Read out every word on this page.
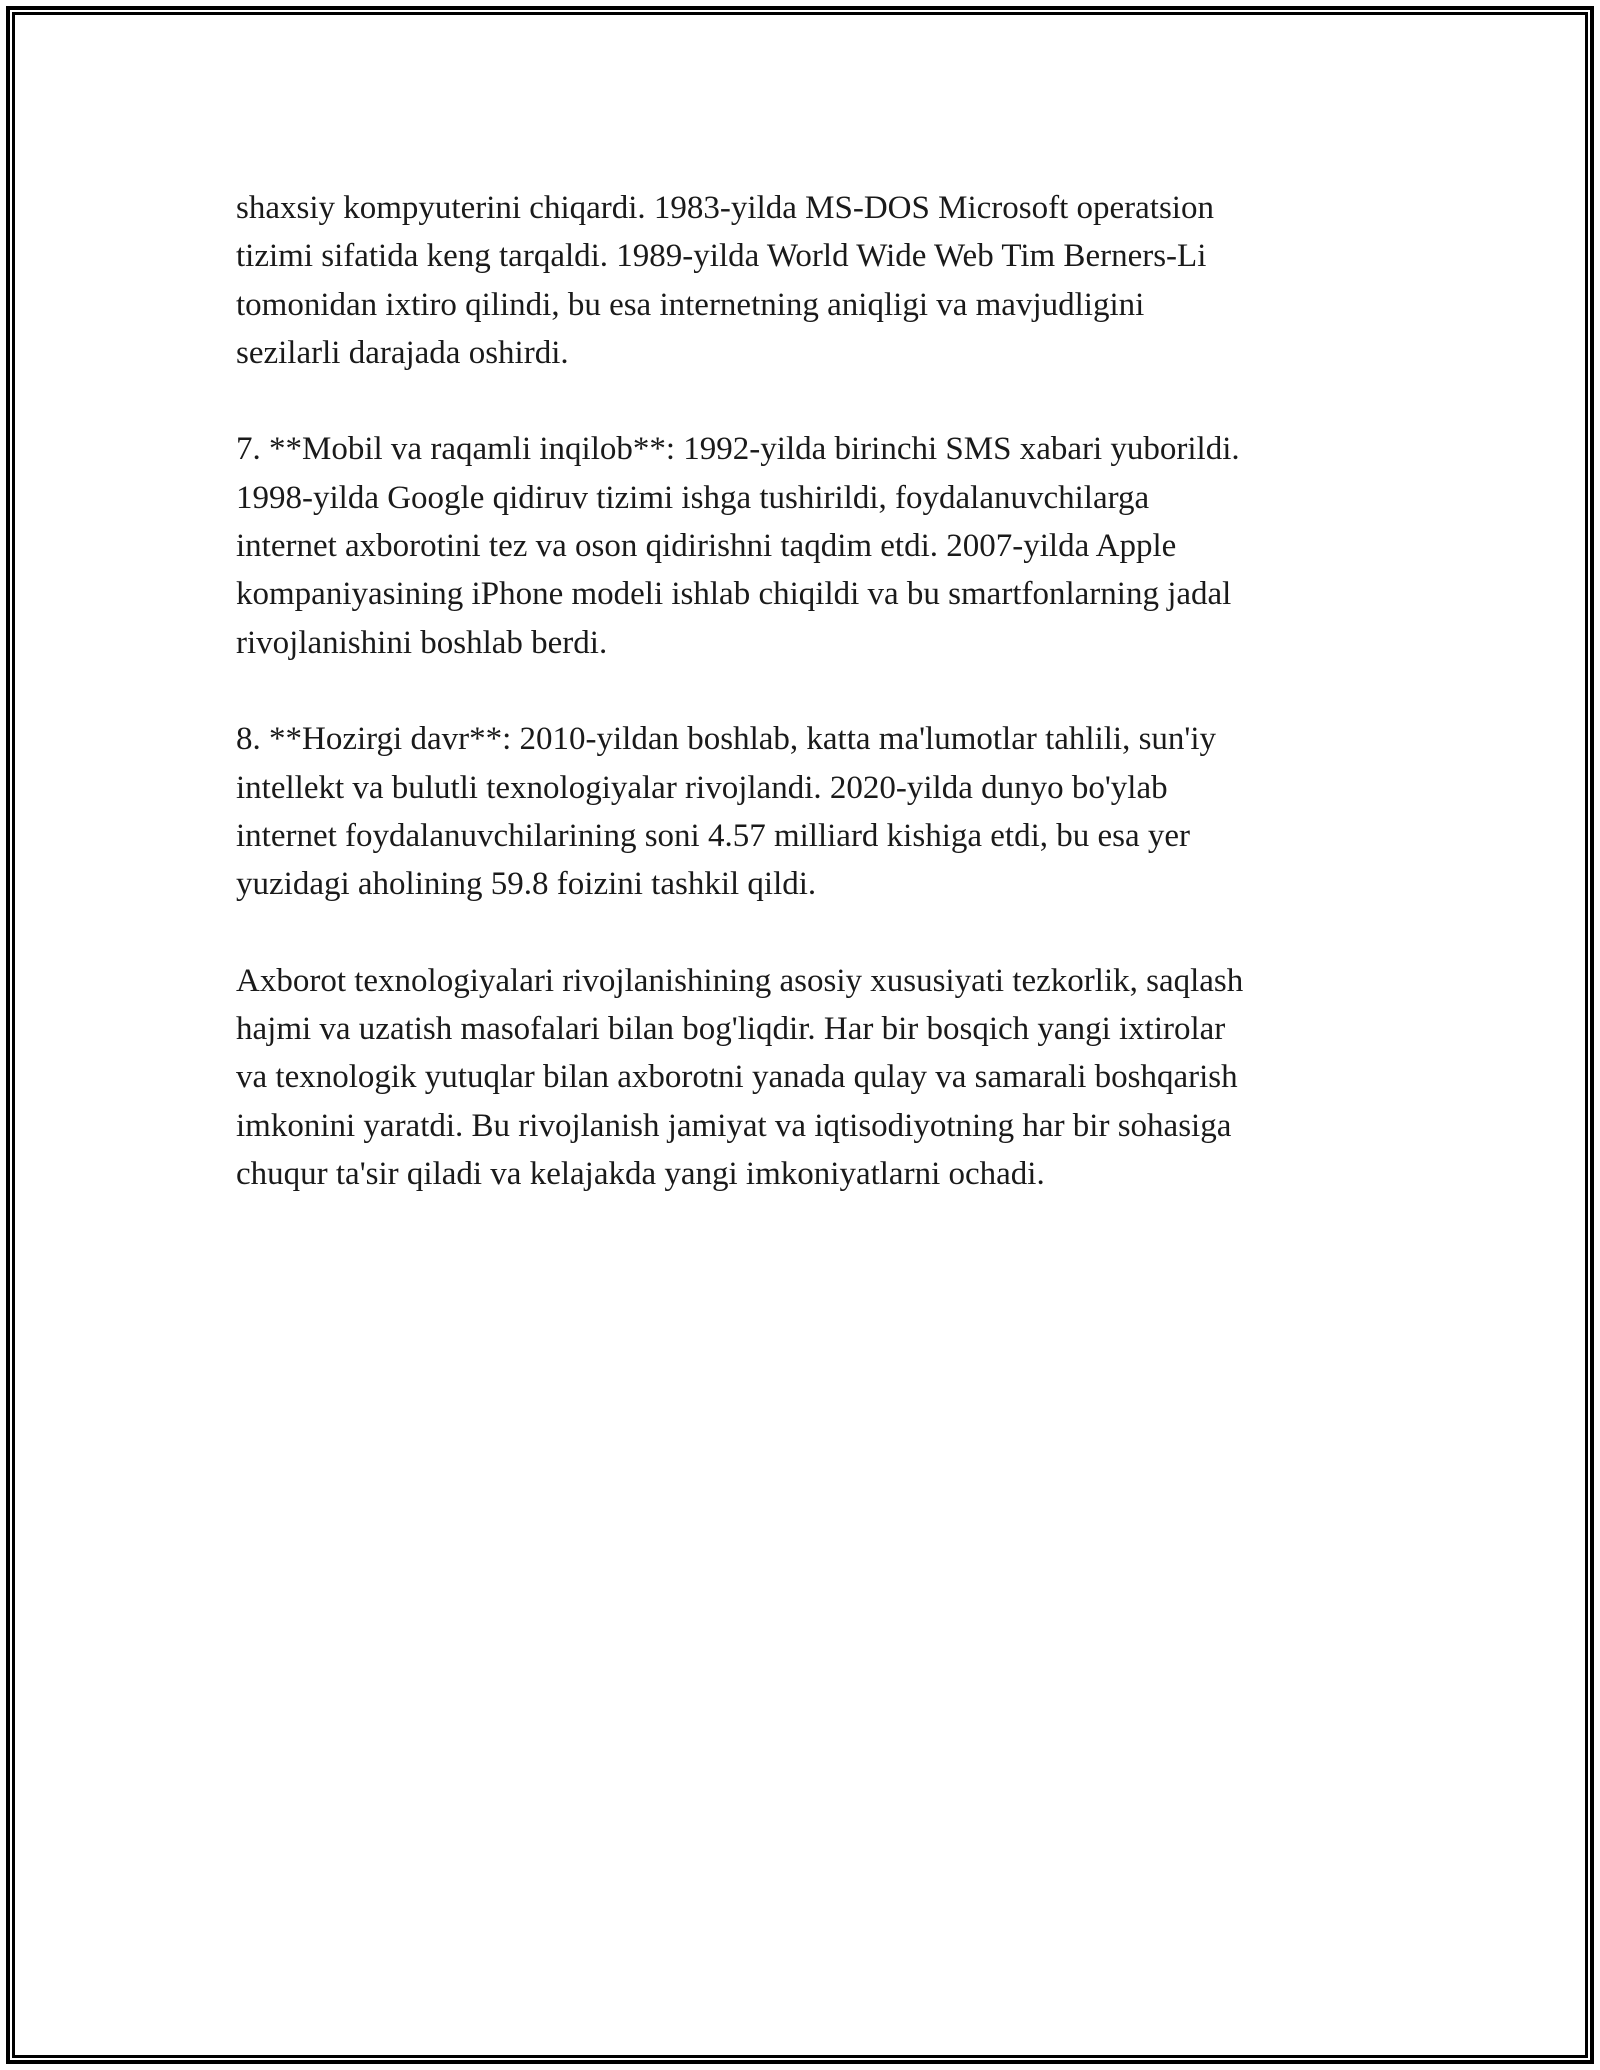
shaxsiy kompyuterini chiqardi. 1983-yilda MS-DOS Microsoft operatsion
tizimi sifatida keng tarqaldi. 1989-yilda World Wide Web Tim Berners-Li
tomonidan ixtiro qilindi, bu esa internetning aniqligi va mavjudligini
sezilarli darajada oshirdi.

7. **Mobil va raqamli inqilob**: 1992-yilda birinchi SMS xabari yuborildi.
1998-yilda Google qidiruv tizimi ishga tushirildi, foydalanuvchilarga
internet axborotini tez va oson qidirishni taqdim etdi. 2007-yilda Apple
kompaniyasining iPhone modeli ishlab chiqildi va bu smartfonlarning jadal
rivojlanishini boshlab berdi.

8. **Hozirgi davr**: 2010-yildan boshlab, katta ma'lumotlar tahlili, sun'iy
intellekt va bulutli texnologiyalar rivojlandi. 2020-yilda dunyo bo'ylab
internet foydalanuvchilarining soni 4.57 milliard kishiga etdi, bu esa yer
yuzidagi aholining 59.8 foizini tashkil qildi.

Axborot texnologiyalari rivojlanishining asosiy xususiyati tezkorlik, saqlash
hajmi va uzatish masofalari bilan bog'liqdir. Har bir bosqich yangi ixtirolar
va texnologik yutuqlar bilan axborotni yanada qulay va samarali boshqarish
imkonini yaratdi. Bu rivojlanish jamiyat va iqtisodiyotning har bir sohasiga
chuqur ta'sir qiladi va kelajakda yangi imkoniyatlarni ochadi.
